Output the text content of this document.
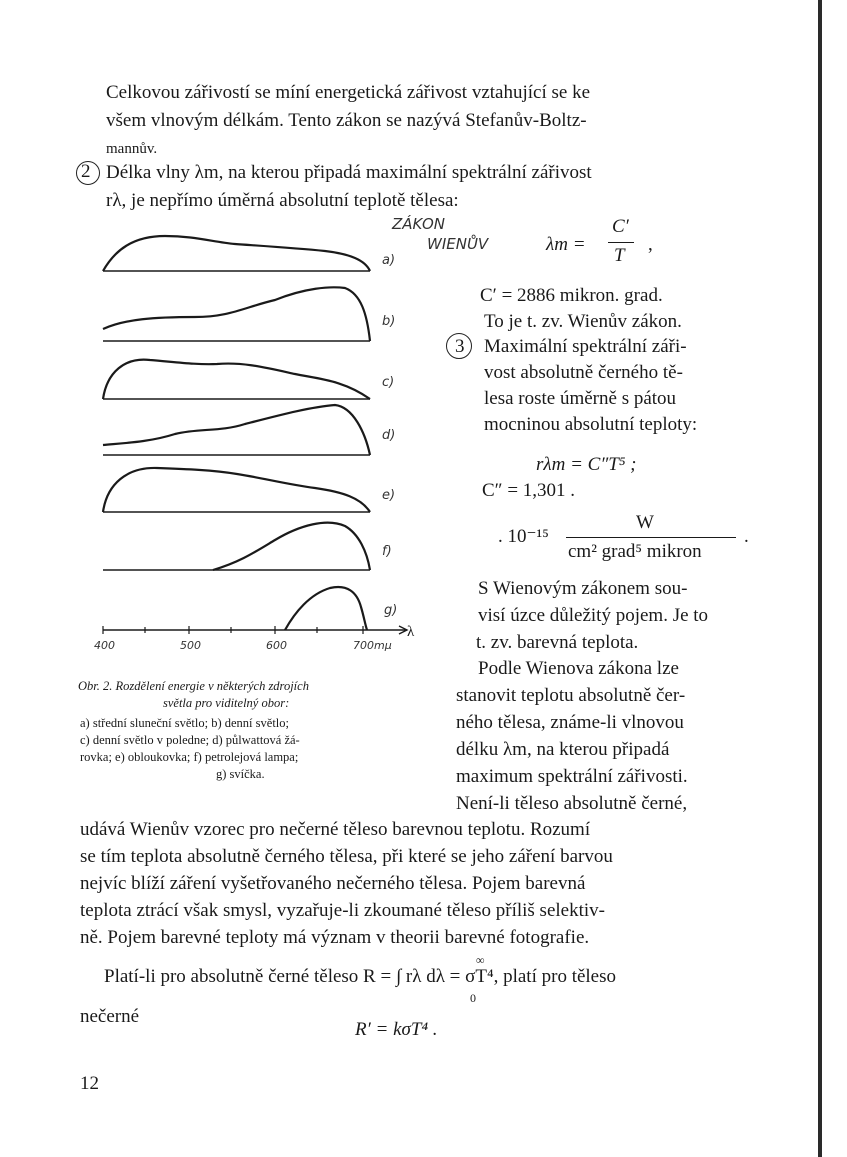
Celkovou zářivostí se míní energetická zářivost vztahující se ke
všem vlnovým délkám. Tento zákon se nazývá Stefanův-Boltz-
mannův.
2 Délka vlny λm, na kterou připadá maximální spektrální zářivost
rλ, je nepřímo úměrná absolutní teplotě tělesa:
ZÁKON
WIENŮV	λm =
C′
T
,
C′ = 2886 mikron. grad.
To je t. zv. Wienův zákon.
3 Maximální spektrální záři-
vost absolutně černého tě-
lesa roste úměrně s pátou
mocninou absolutní teploty:
rλm = C″T⁵ ;
C″ = 1,301 .
W
. 10⁻¹⁵
cm² grad⁵ mikron
.
S Wienovým zákonem sou-
visí úzce důležitý pojem. Je to
t. zv. barevná teplota.
Podle Wienova zákona lze
stanovit teplotu absolutně čer-
ného tělesa, známe-li vlnovou
délku λm, na kterou připadá
maximum spektrální zářivosti.
Není-li těleso absolutně černé,
a)
b)
c)
d)
e)
f)
g)
400	500	600	700mμ
λ
Obr. 2. Rozdělení energie v některých zdrojích
světla pro viditelný obor:
a) střední sluneční světlo; b) denní světlo;
c) denní světlo v poledne; d) půlwattová žá-
rovka; e) obloukovka; f) petrolejová lampa;
g) svíčka.
udává Wienův vzorec pro nečerné těleso barevnou teplotu. Rozumí
se tím teplota absolutně černého tělesa, při které se jeho záření barvou
nejvíc blíží záření vyšetřovaného nečerného tělesa. Pojem barevná
teplota ztrácí však smysl, vyzařuje-li zkoumané těleso příliš selektiv-
ně. Pojem barevné teploty má význam v theorii barevné fotografie.
∞
Platí-li pro absolutně černé těleso R = ∫ rλ dλ = σT⁴, platí pro těleso
0
nečerné
R′ = kσT⁴ .
12
